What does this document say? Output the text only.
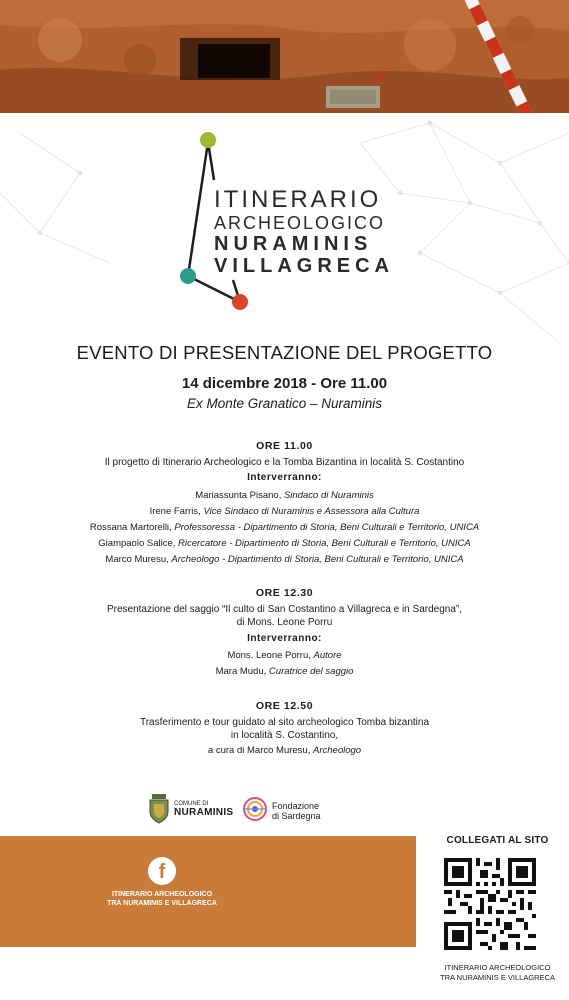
ITINERARIO
ARCHEOLOGICO
NURAMINIS
VILLAGRECA
EVENTO DI PRESENTAZIONE DEL PROGETTO
14 dicembre 2018 - Ore 11.00
Ex Monte Granatico – Nuraminis
ORE 11.00
Il progetto di Itinerario Archeologico e la Tomba Bizantina in località S. Costantino
Interverranno:
Mariassunta Pisano, Sindaco di Nuraminis
Irene Farris, Vice Sindaco di Nuraminis e Assessora alla Cultura
Rossana Martorelli, Professoressa - Dipartimento di Storia, Beni Culturali e Territorio, UNICA
Giampaolo Salice, Ricercatore - Dipartimento di Storia, Beni Culturali e Territorio, UNICA
Marco Muresu, Archeologo - Dipartimento di Storia, Beni Culturali e Territorio, UNICA
ORE 12.30
Presentazione del saggio “Il culto di San Costantino a Villagreca e in Sardegna”,
di Mons. Leone Porru
Interverranno:
Mons. Leone Porru, Autore
Mara Mudu, Curatrice del saggio
ORE 12.50
Trasferimento e tour guidato al sito archeologico Tomba bizantina
in località S. Costantino,
a cura di Marco Muresu, Archeologo
COMUNE DI
NURAMINIS
Fondazione
di Sardegna
f
ITINERARIO ARCHEOLOGICO
TRA NURAMINIS E VILLAGRECA
COLLEGATI AL SITO
ITINERARIO ARCHEOLOGICO
TRA NURAMINIS E VILLAGRECA
